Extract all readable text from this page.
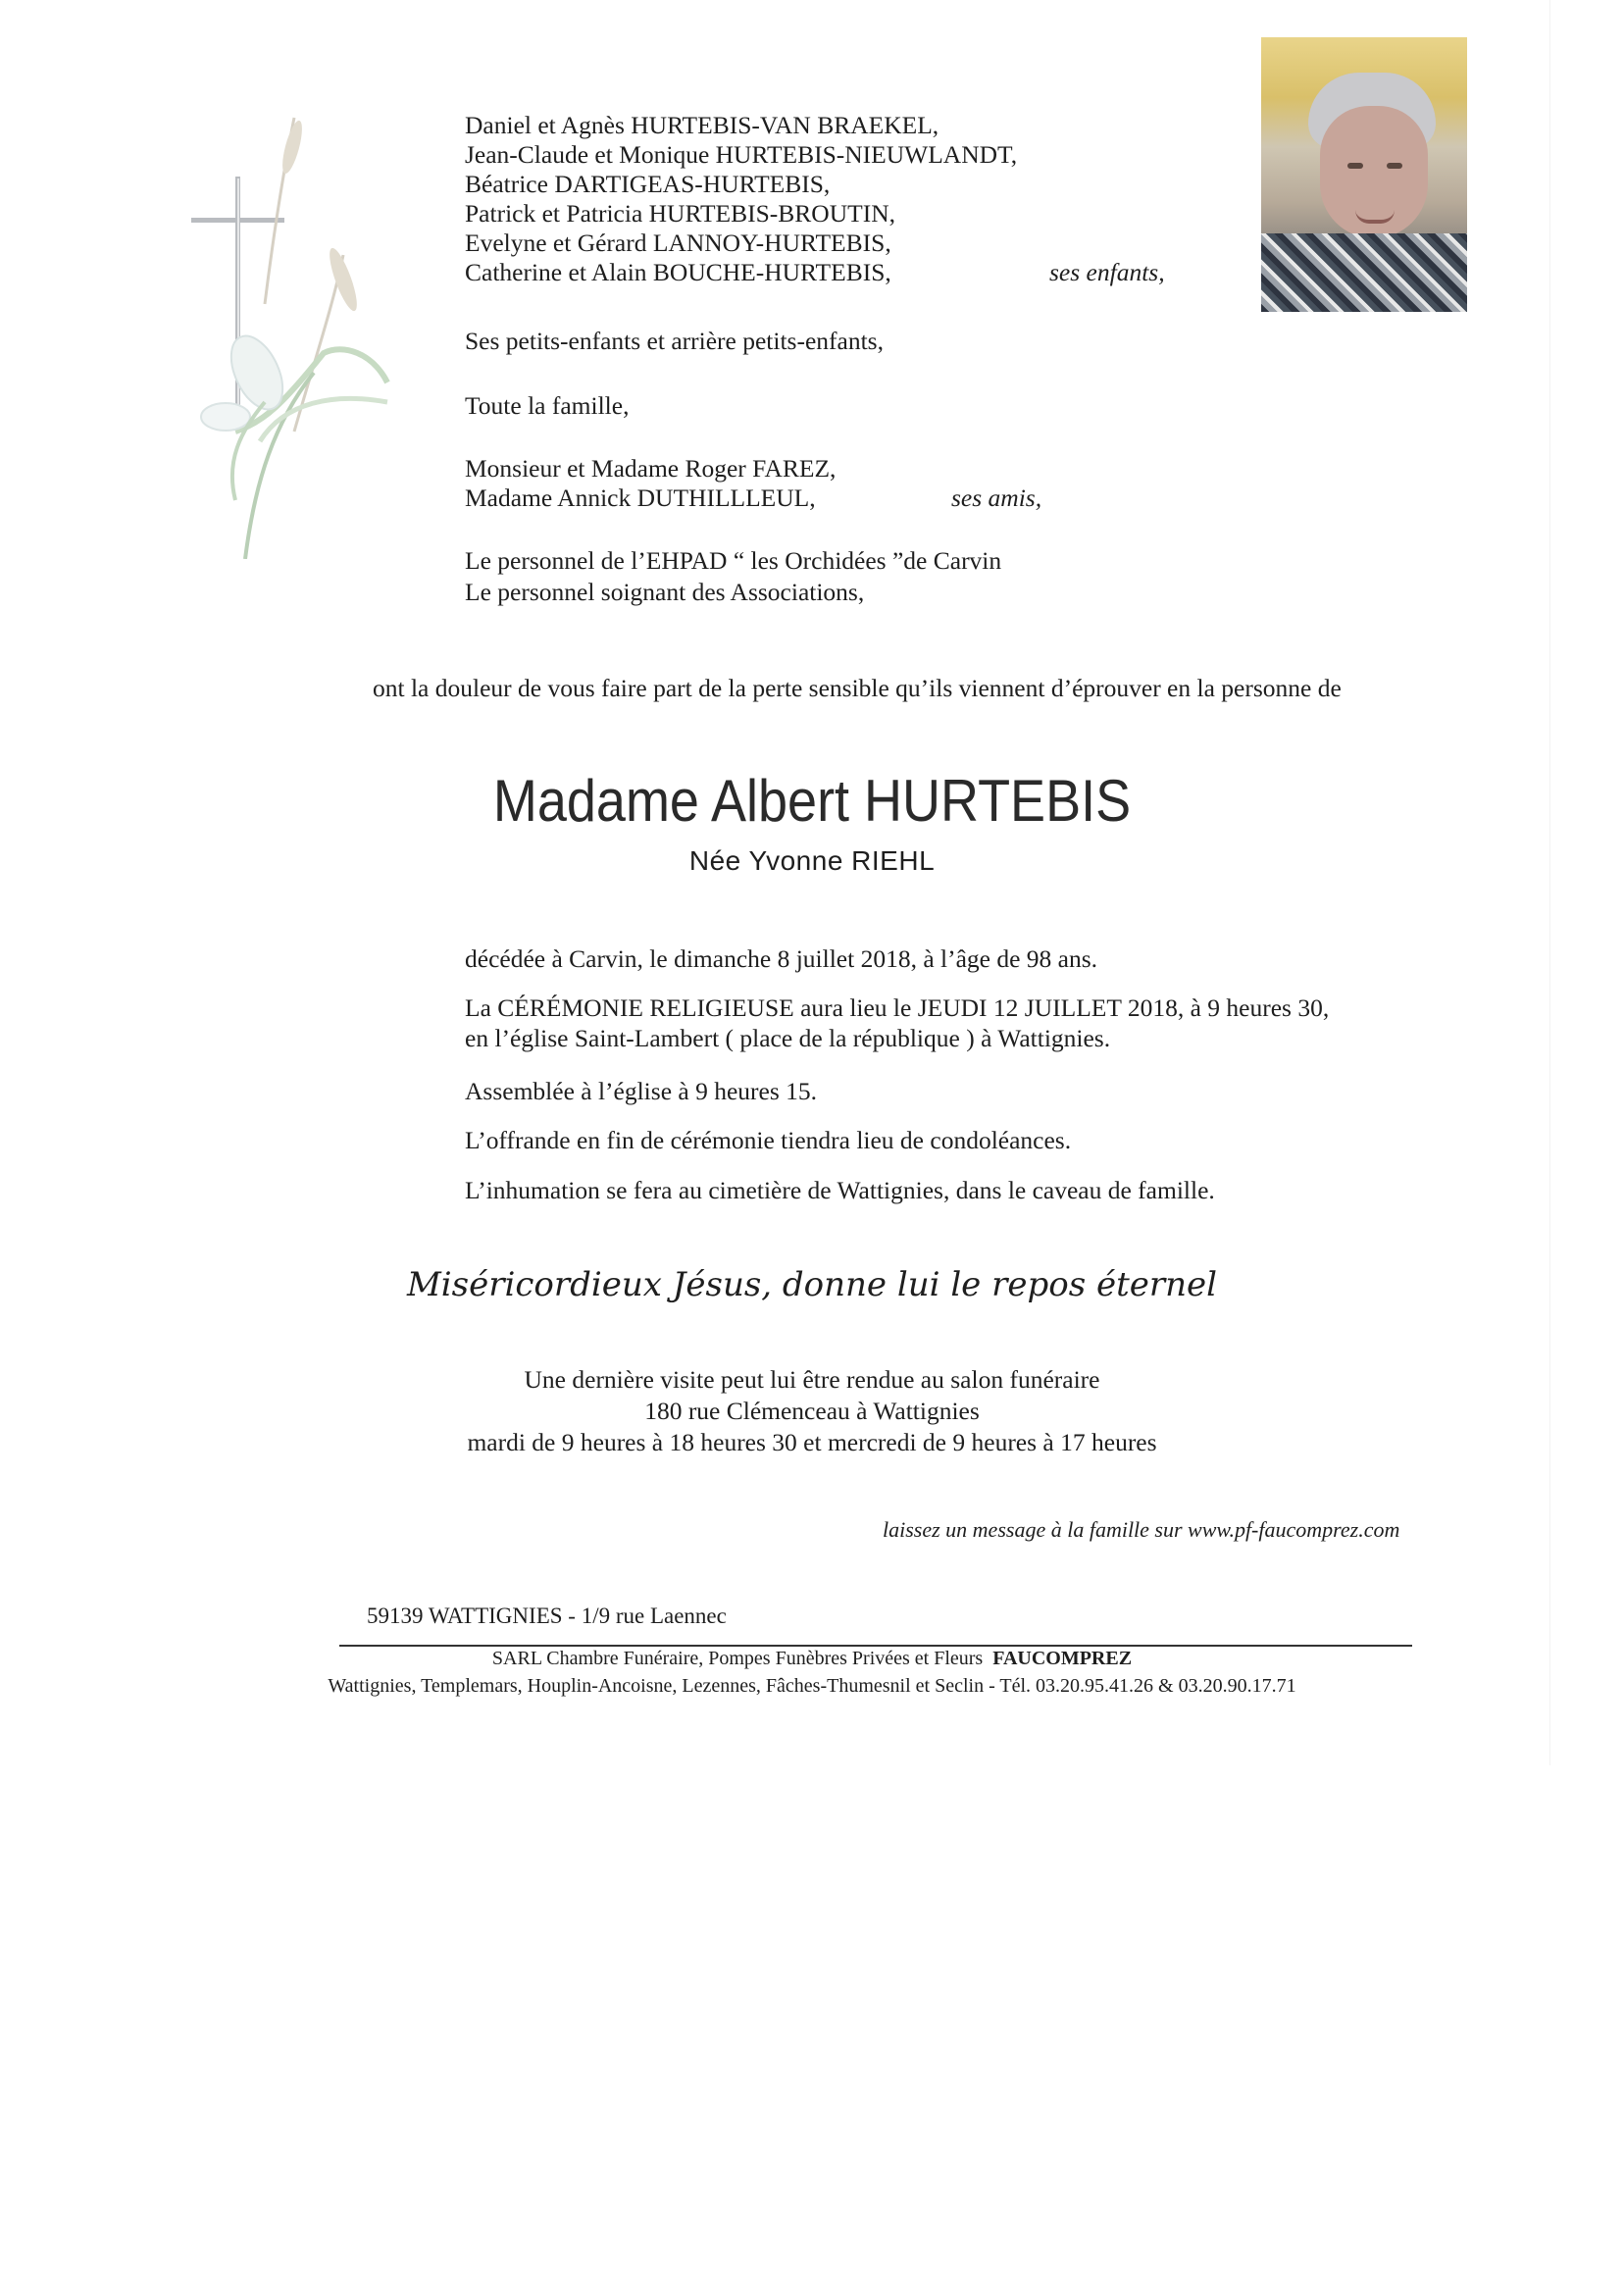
Daniel et Agnès HURTEBIS-VAN BRAEKEL,
Jean-Claude et Monique HURTEBIS-NIEUWLANDT,
Béatrice DARTIGEAS-HURTEBIS,
Patrick et Patricia HURTEBIS-BROUTIN,
Evelyne et Gérard LANNOY-HURTEBIS,
Catherine et Alain BOUCHE-HURTEBIS,	ses enfants,
Ses petits-enfants et arrière petits-enfants,
Toute la famille,
Monsieur et Madame Roger FAREZ,
Madame Annick DUTHILLLEUL,	ses amis,
Le personnel de l’EHPAD “ les Orchidées ”de Carvin
Le personnel soignant des Associations,
ont la douleur de vous faire part de la perte sensible qu’ils viennent d’éprouver en la personne de
Madame Albert HURTEBIS
Née Yvonne RIEHL
décédée à Carvin, le dimanche 8 juillet 2018, à l’âge de 98 ans.
La CÉRÉMONIE RELIGIEUSE aura lieu le JEUDI 12 JUILLET 2018, à 9 heures 30,
en l’église Saint-Lambert ( place de la république ) à Wattignies.
Assemblée à l’église à 9 heures 15.
L’offrande en fin de cérémonie tiendra lieu de condoléances.
L’inhumation se fera au cimetière de Wattignies, dans le caveau de famille.
Miséricordieux Jésus, donne lui le repos éternel
Une dernière visite peut lui être rendue au salon funéraire
180 rue Clémenceau à Wattignies
mardi de 9 heures à 18 heures 30 et mercredi de 9 heures à 17 heures
laissez un message à la famille sur www.pf-faucomprez.com
59139 WATTIGNIES - 1/9 rue Laennec
SARL Chambre Funéraire, Pompes Funèbres Privées et Fleurs FAUCOMPREZ
Wattignies, Templemars, Houplin-Ancoisne, Lezennes, Fâches-Thumesnil et Seclin - Tél. 03.20.95.41.26 & 03.20.90.17.71
